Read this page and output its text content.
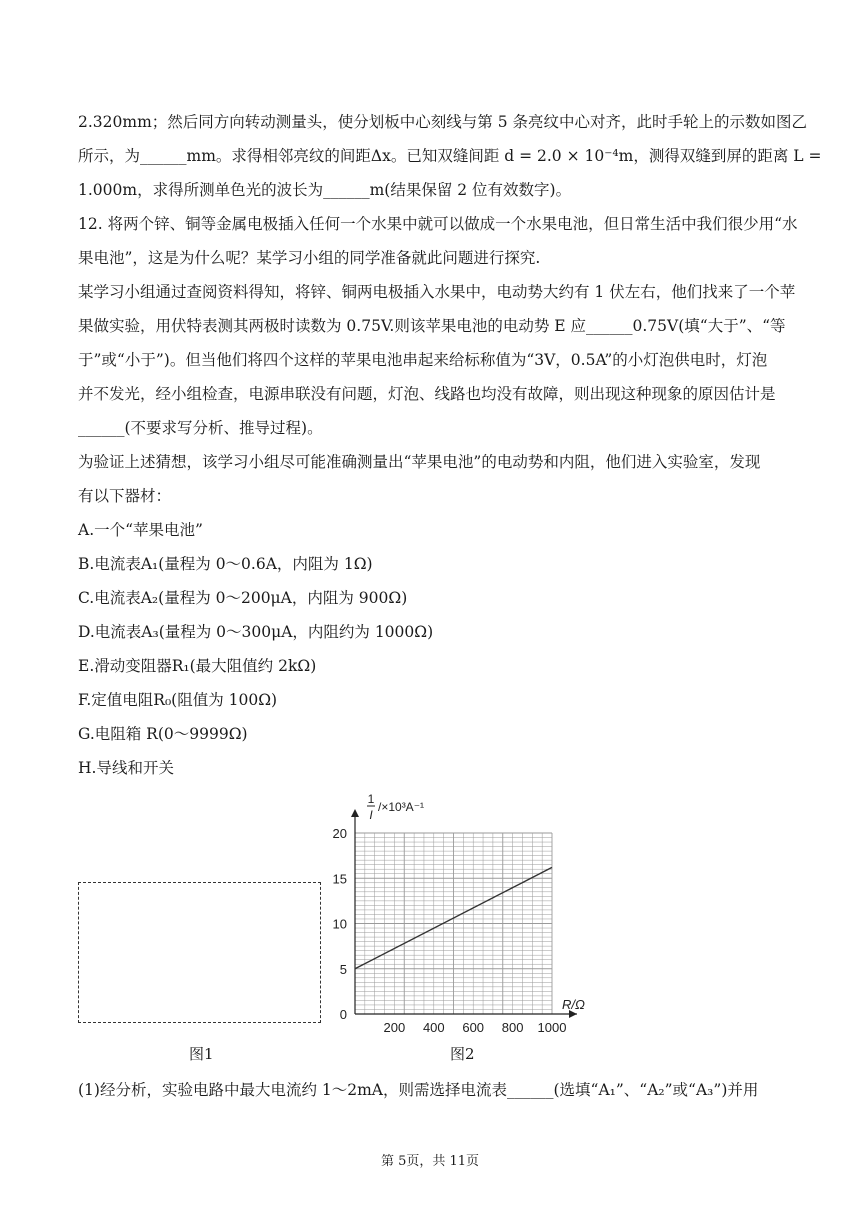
2.320mm；然后同方向转动测量头，使分划板中心刻线与第 5 条亮纹中心对齐，此时手轮上的示数如图乙
所示，为______mm。求得相邻亮纹的间距Δx。已知双缝间距 d = 2.0 × 10⁻⁴m，测得双缝到屏的距离 L =
1.000m，求得所测单色光的波长为______m(结果保留 2 位有效数字)。
12. 将两个锌、铜等金属电极插入任何一个水果中就可以做成一个水果电池，但日常生活中我们很少用“水
果电池”，这是为什么呢？某学习小组的同学准备就此问题进行探究.
某学习小组通过查阅资料得知，将锌、铜两电极插入水果中，电动势大约有 1 伏左右，他们找来了一个苹
果做实验，用伏特表测其两极时读数为 0.75V.则该苹果电池的电动势 E 应______0.75V(填“大于”、“等
于”或“小于”)。但当他们将四个这样的苹果电池串起来给标称值为“3V，0.5A”的小灯泡供电时，灯泡
并不发光，经小组检查，电源串联没有问题，灯泡、线路也均没有故障，则出现这种现象的原因估计是
______(不要求写分析、推导过程)。
为验证上述猜想，该学习小组尽可能准确测量出“苹果电池”的电动势和内阻，他们进入实验室，发现
有以下器材：
A.一个“苹果电池”
B.电流表A₁(量程为 0～0.6A，内阻为 1Ω)
C.电流表A₂(量程为 0～200μA，内阻为 900Ω)
D.电流表A₃(量程为 0～300μA，内阻约为 1000Ω)
E.滑动变阻器R₁(最大阻值约 2kΩ)
F.定值电阻R₀(阻值为 100Ω)
G.电阻箱 R(0～9999Ω)
H.导线和开关
图1
200 400 600 800 1000
0
5
10
15
20
1
I
/×10³A⁻¹
R/Ω
图2
(1)经分析，实验电路中最大电流约 1～2mA，则需选择电流表______(选填“A₁”、“A₂”或“A₃”)并用
第 5页，共 11页
